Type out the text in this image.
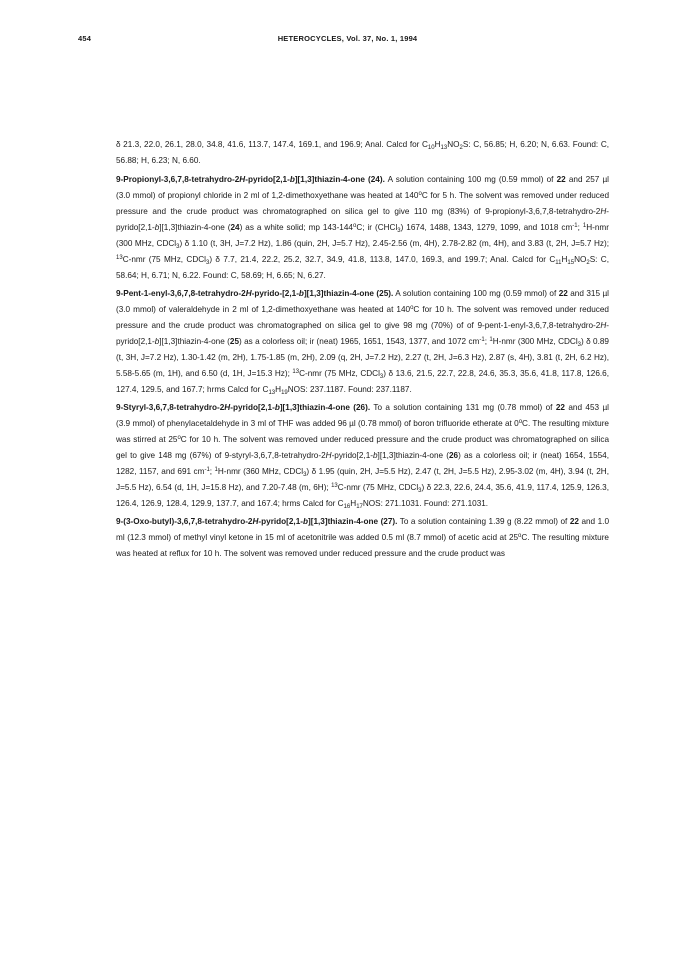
454	HETEROCYCLES, Vol. 37, No. 1, 1994

δ 21.3, 22.0, 26.1, 28.0, 34.8, 41.6, 113.7, 147.4, 169.1, and 196.9; Anal. Calcd for $C_{10}H_{13}NO_2S$: C, 56.85; H, 6.20; N, 6.63. Found: C, 56.88; H, 6.23; N, 6.60.

9-Propionyl-3,6,7,8-tetrahydro-2H-pyrido[2,1-b][1,3]thiazin-4-one (24). A solution containing 100 mg (0.59 mmol) of 22 and 257 µl (3.0 mmol) of propionyl chloride in 2 ml of 1,2-dimethoxyethane was heated at 140$^o$C for 5 h. The solvent was removed under reduced pressure and the crude product was chromatographed on silica gel to give 110 mg (83%) of 9-propionyl-3,6,7,8-tetrahydro-2H-pyrido[2,1-b][1,3]thiazin-4-one (24) as a white solid; mp 143-144$^o$C; ir (CHCl$_3$) 1674, 1488, 1343, 1279, 1099, and 1018 $cm^{-1}$; $^1$H-nmr (300 MHz, CDCl$_3$) δ 1.10 (t, 3H, J=7.2 Hz), 1.86 (quin, 2H, J=5.7 Hz), 2.45-2.56 (m, 4H), 2.78-2.82 (m, 4H), and 3.83 (t, 2H, J=5.7 Hz); $^{13}$C-nmr (75 MHz, CDCl$_3$) δ 7.7, 21.4, 22.2, 25.2, 32.7, 34.9, 41.8, 113.8, 147.0, 169.3, and 199.7; Anal. Calcd for $C_{11}H_{15}NO_2S$: C, 58.64; H, 6.71; N, 6.22. Found: C, 58.69; H, 6.65; N, 6.27.

9-Pent-1-enyl-3,6,7,8-tetrahydro-2H-pyrido-[2,1-b][1,3]thiazin-4-one (25). A solution containing 100 mg (0.59 mmol) of 22 and 315 µl (3.0 mmol) of valeraldehyde in 2 ml of 1,2-dimethoxyethane was heated at 140$^o$C for 10 h. The solvent was removed under reduced pressure and the crude product was chromatographed on silica gel to give 98 mg (70%) of of 9-pent-1-enyl-3,6,7,8-tetrahydro-2H-pyrido[2,1-b][1,3]thiazin-4-one (25) as a colorless oil; ir (neat) 1965, 1651, 1543, 1377, and 1072 $cm^{-1}$; $^1$H-nmr (300 MHz, CDCl$_3$) δ 0.89 (t, 3H, J=7.2 Hz), 1.30-1.42 (m, 2H), 1.75-1.85 (m, 2H), 2.09 (q, 2H, J=7.2 Hz), 2.27 (t, 2H, J=6.3 Hz), 2.87 (s, 4H), 3.81 (t, 2H, 6.2 Hz), 5.58-5.65 (m, 1H), and 6.50 (d, 1H, J=15.3 Hz); $^{13}$C-nmr (75 MHz, CDCl$_3$) δ 13.6, 21.5, 22.7, 22.8, 24.6, 35.3, 35.6, 41.8, 117.8, 126.6, 127.4, 129.5, and 167.7; hrms Calcd for $C_{13}H_{19}NOS$: 237.1187. Found: 237.1187.

9-Styryl-3,6,7,8-tetrahydro-2H-pyrido[2,1-b][1,3]thiazin-4-one (26). To a solution containing 131 mg (0.78 mmol) of 22 and 453 µl (3.9 mmol) of phenylacetaldehyde in 3 ml of THF was added 96 µl (0.78 mmol) of boron trifluoride etherate at 0$^o$C. The resulting mixture was stirred at 25$^o$C for 10 h. The solvent was removed under reduced pressure and the crude product was chromatographed on silica gel to give 148 mg (67%) of 9-styryl-3,6,7,8-tetrahydro-2H-pyrido[2,1-b][1,3]thiazin-4-one (26) as a colorless oil; ir (neat) 1654, 1554, 1282, 1157, and 691 $cm^{-1}$; $^1$H-nmr (360 MHz, CDCl$_3$) δ 1.95 (quin, 2H, J=5.5 Hz), 2.47 (t, 2H, J=5.5 Hz), 2.95-3.02 (m, 4H), 3.94 (t, 2H, J=5.5 Hz), 6.54 (d, 1H, J=15.8 Hz), and 7.20-7.48 (m, 6H); $^{13}$C-nmr (75 MHz, CDCl$_3$) δ 22.3, 22.6, 24.4, 35.6, 41.9, 117.4, 125.9, 126.3, 126.4, 126.9, 128.4, 129.9, 137.7, and 167.4; hrms Calcd for $C_{16}H_{17}NOS$: 271.1031. Found: 271.1031.

9-(3-Oxo-butyl)-3,6,7,8-tetrahydro-2H-pyrido[2,1-b][1,3]thiazin-4-one (27). To a solution containing 1.39 g (8.22 mmol) of 22 and 1.0 ml (12.3 mmol) of methyl vinyl ketone in 15 ml of acetonitrile was added 0.5 ml (8.7 mmol) of acetic acid at 25$^o$C. The resulting mixture was heated at reflux for 10 h. The solvent was removed under reduced pressure and the crude product was
